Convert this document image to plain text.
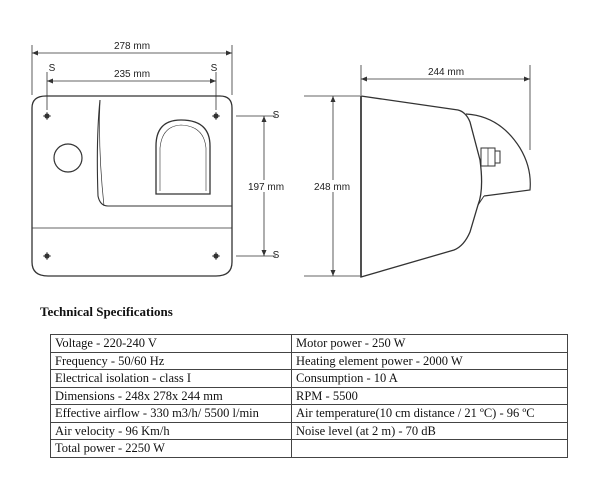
278 mm
235 mm
S	S
S
S
197 mm
244 mm
248 mm
Technical Specifications
Voltage - 220-240 V	Motor power - 250 W
Frequency - 50/60 Hz	Heating element power - 2000 W
Electrical isolation - class I	Consumption - 10 A
Dimensions - 248x 278x 244 mm	RPM - 5500
Effective airflow - 330 m3/h/ 5500 l/min	Air temperature(10 cm distance / 21 ºC) - 96 ºC
Air velocity - 96 Km/h	Noise level (at 2 m) - 70 dB
Total power - 2250 W	
